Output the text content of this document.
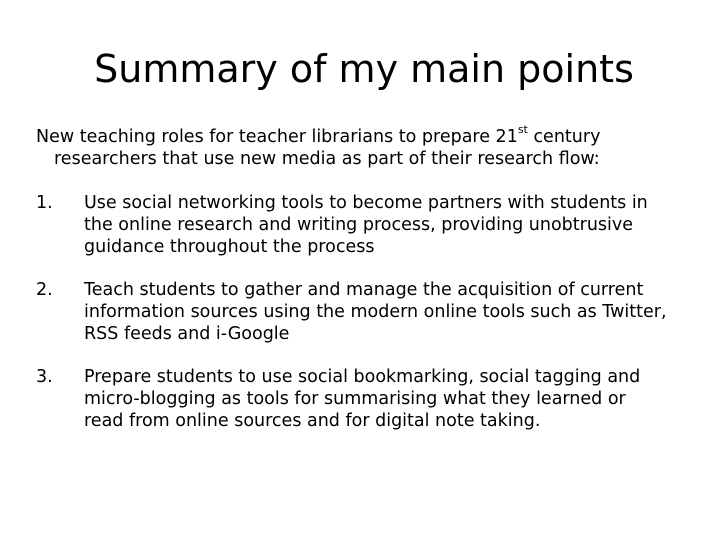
Summary of my main points

New teaching roles for teacher librarians to prepare 21st century

researchers that use new media as part of their research flow:

1. Use social networking tools to become partners with students in
the online research and writing process, providing unobtrusive
guidance throughout the process
2. Teach students to gather and manage the acquisition of current
information sources using the modern online tools such as Twitter,
RSS feeds and i-Google
3. Prepare students to use social bookmarking, social tagging and
micro-blogging as tools for summarising what they learned or
read from online sources and for digital note taking.
